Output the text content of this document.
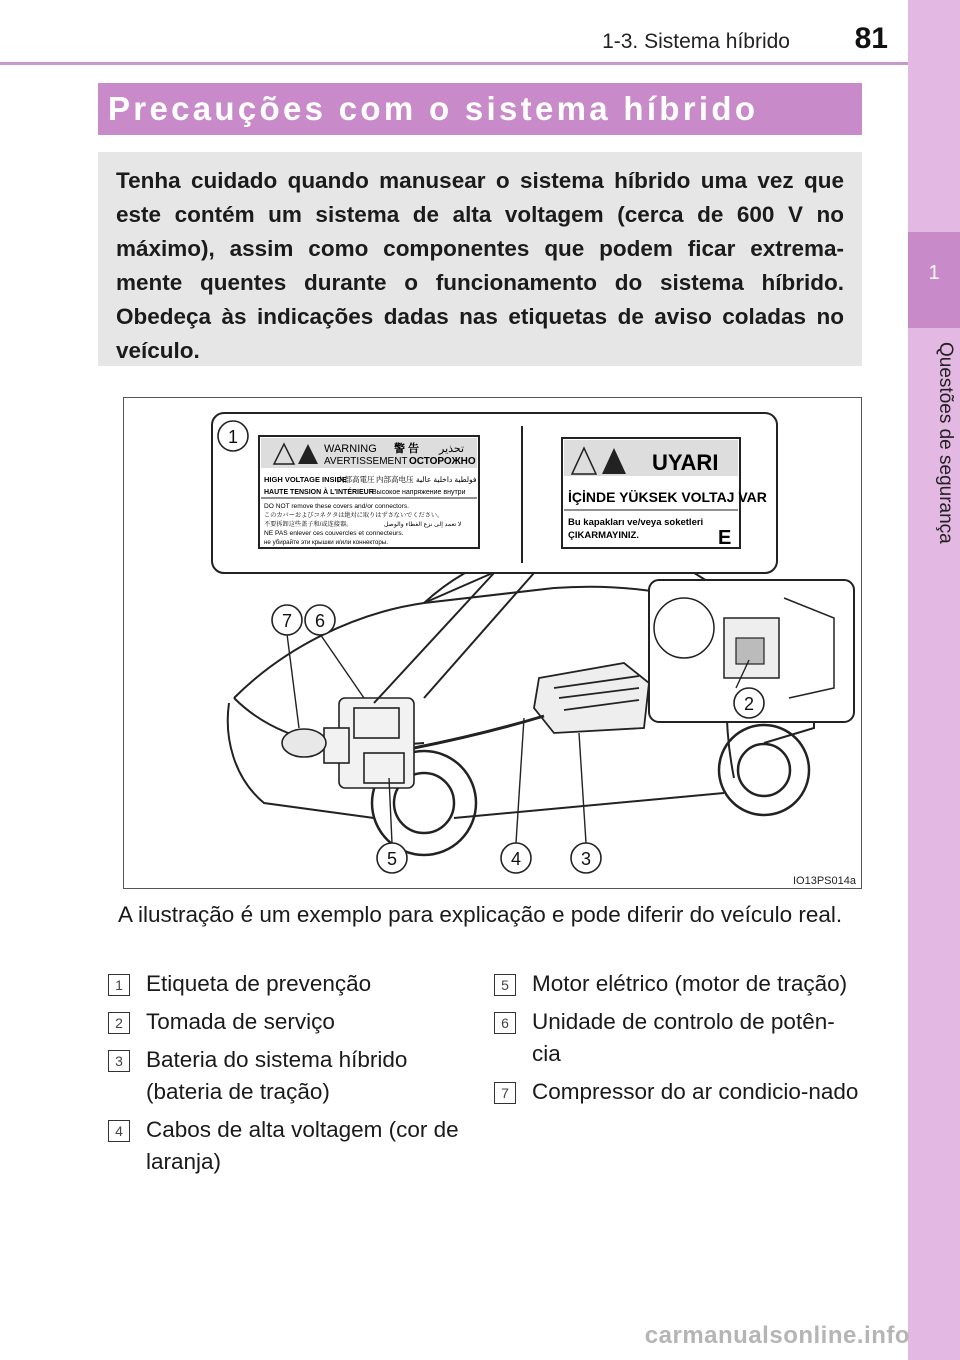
1-3. Sistema híbrido	81
1
Questões de segurança
Precauções com o sistema híbrido
Tenha cuidado quando manusear o sistema híbrido uma vez que este contém um sistema de alta voltagem (cerca de 600 V no máximo), assim como componentes que podem ficar extrema-mente quentes durante o funcionamento do sistema híbrido. Obedeça às indicações dadas nas etiquetas de aviso coladas no veículo.
WARNING 警 告 تحذير
AVERTISSEMENT ОСТОРОЖНО
HIGH VOLTAGE INSIDE
内部高電圧 内部高电压 فولطية داخلية عالية
HAUTE TENSION À L'INTÉRIEUR
Высокое напряжение внутри
DO NOT remove these covers and/or connectors.
このカバーおよびコネクタは絶対に取りはずさないでください。
不要拆卸这些盖子和/或连接器。	لا تعمد إلى نزع الغطاء والوصل
NE PAS enlever ces couvercles et connecteurs.
не убирайте эти крышки и/или коннекторы.
UYARI
İÇİNDE YÜKSEK VOLTAJ VAR
Bu kapakları ve/veya soketleri
ÇIKARMAYINIZ.	E
1
2
3
4
5
6
7
IO13PS014a
A ilustração é um exemplo para explicação e pode diferir do veículo real.
1	Etiqueta de prevenção
2	Tomada de serviço
3	Bateria do sistema híbrido (bateria de tração)
4	Cabos de alta voltagem (cor de laranja)
5	Motor elétrico (motor de tração)
6	Unidade de controlo de potên-cia
7	Compressor do ar condicio-nado
carmanualsonline.info
